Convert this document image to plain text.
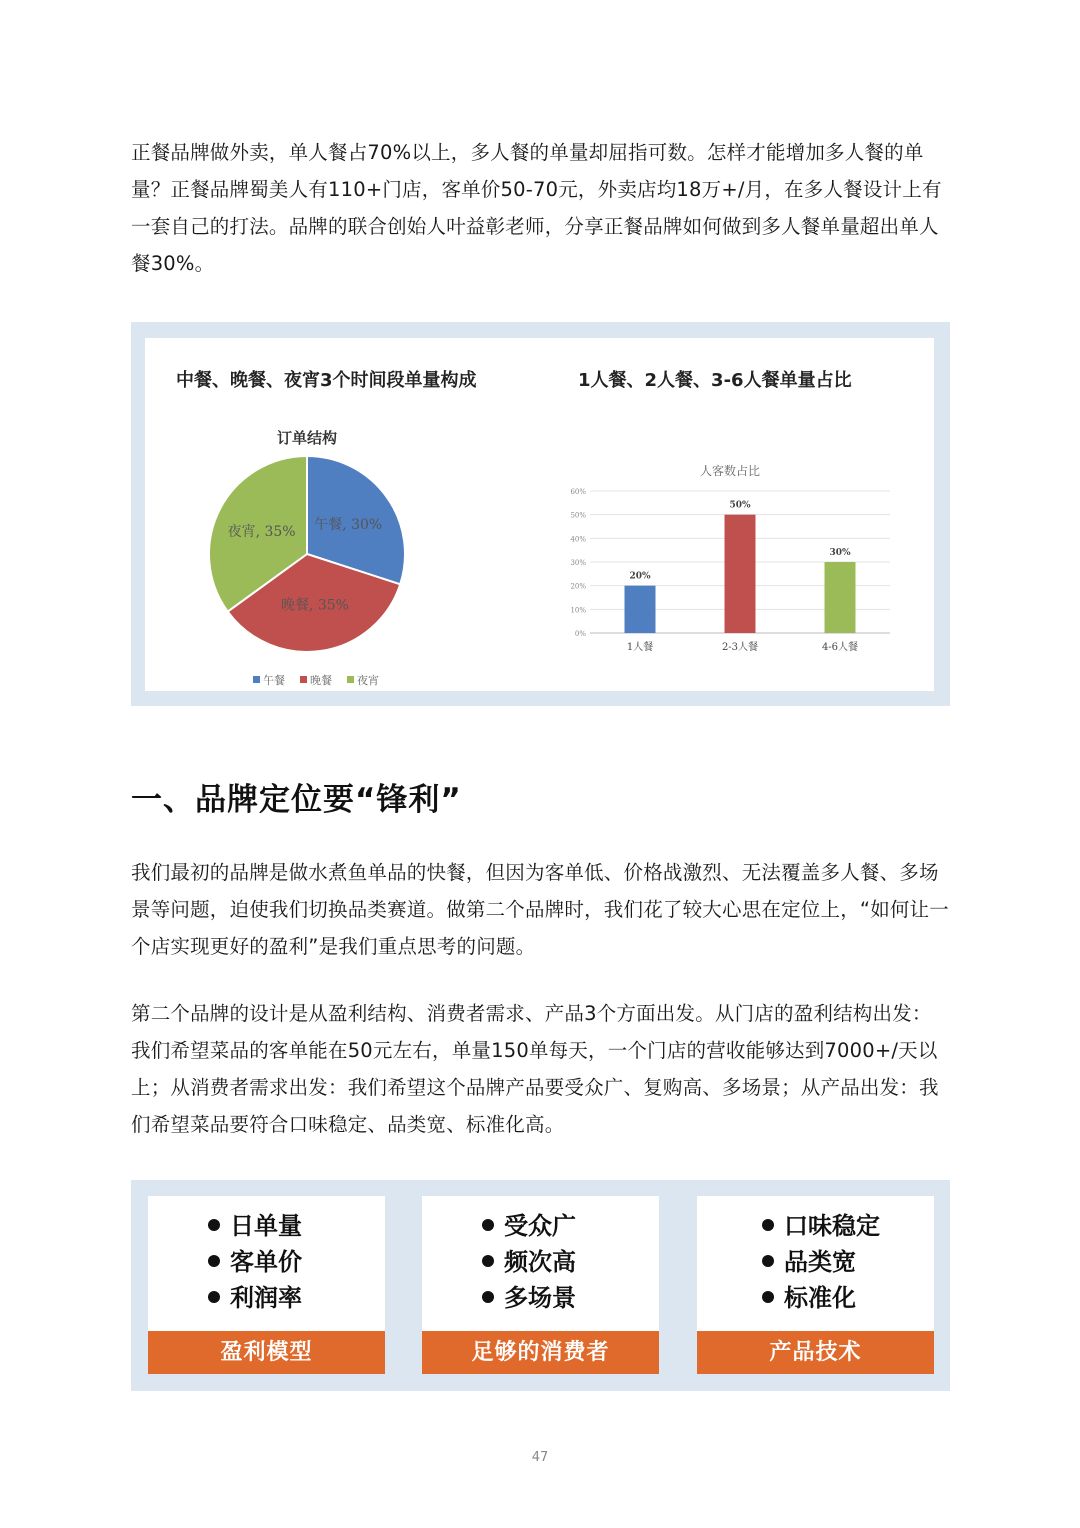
正餐品牌做外卖，单人餐占70%以上，多人餐的单量却屈指可数。怎样才能增加多人餐的单量？正餐品牌蜀美人有110+门店，客单价50-70元，外卖店均18万+/月，在多人餐设计上有一套自己的打法。品牌的联合创始人叶益彰老师，分享正餐品牌如何做到多人餐单量超出单人餐30%。

中餐、晚餐、夜宵3个时间段单量构成	1人餐、2人餐、3-6人餐单量占比
订单结构
午餐, 30%
晚餐, 35%
夜宵, 35%
午餐 晚餐 夜宵
人客数占比
0%
10%
20%
30%
40%
50%
60%
20%
1人餐
50%
2-3人餐
30%
4-6人餐
一、品牌定位要“锋利”

我们最初的品牌是做水煮鱼单品的快餐，但因为客单低、价格战激烈、无法覆盖多人餐、多场景等问题，迫使我们切换品类赛道。做第二个品牌时，我们花了较大心思在定位上，“如何让一个店实现更好的盈利”是我们重点思考的问题。

第二个品牌的设计是从盈利结构、消费者需求、产品3个方面出发。从门店的盈利结构出发：我们希望菜品的客单能在50元左右，单量150单每天，一个门店的营收能够达到7000+/天以上；从消费者需求出发：我们希望这个品牌产品要受众广、复购高、多场景；从产品出发：我们希望菜品要符合口味稳定、品类宽、标准化高。

日单量
客单价
利润率
盈利模型
受众广
频次高
多场景
足够的消费者
口味稳定
品类宽
标准化
产品技术
47
